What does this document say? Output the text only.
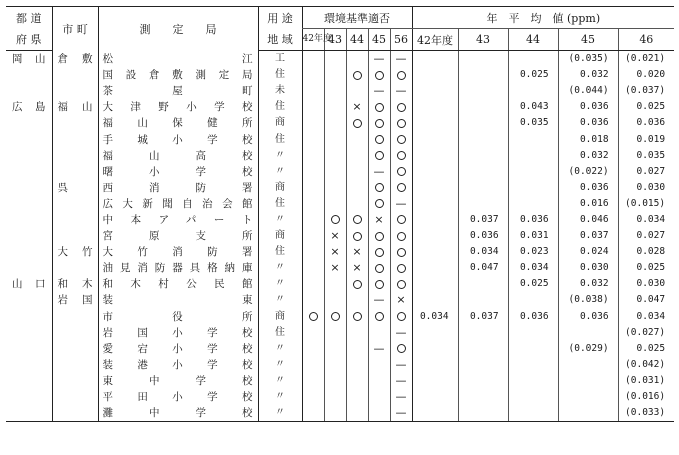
都 道	市 町	測　　定　　局	用 途	環境基準適否					年　平　均　値 (ppm)				
府 県			地 域	42年度	43	44	45	56	42年度	43	44	45	46
岡 山	倉 敷	松江	工				—	—				(0.035)	(0.021)
		国設倉敷測定局	住								0.025	0.032	0.020
		茶屋町	未				—	—				(0.044)	(0.037)
広 島	福 山	大津野小学校	住			×					0.043	0.036	0.025
		福山保健所	商								0.035	0.036	0.036
		手城小学校	住									0.018	0.019
		福山高校	〃									0.032	0.035
		曙小学校	〃				—					(0.022)	0.027
	呉	西消防署	商									0.036	0.030
		広大新聞自治会館	住					—				0.016	(0.015)
		中本アパート	〃				×			0.037	0.036	0.046	0.034
		宮原支所	商		×					0.036	0.031	0.037	0.027
	大 竹	大竹消防署	住		×	×				0.034	0.023	0.024	0.028
		油見消防器具格納庫	〃		×	×				0.047	0.034	0.030	0.025
山 口	和 木	和木村公民館	〃								0.025	0.032	0.030
	岩 国	装東	〃				—	×				(0.038)	0.047
		市役所	商						0.034	0.037	0.036	0.036	0.034
		岩国小学校	住					—					(0.027)
		愛宕小学校	〃				—					(0.029)	0.025
		装港小学校	〃					—					(0.042)
		東中学校	〃					—					(0.031)
		平田小学校	〃					—					(0.016)
		灘中学校	〃					—					(0.033)
